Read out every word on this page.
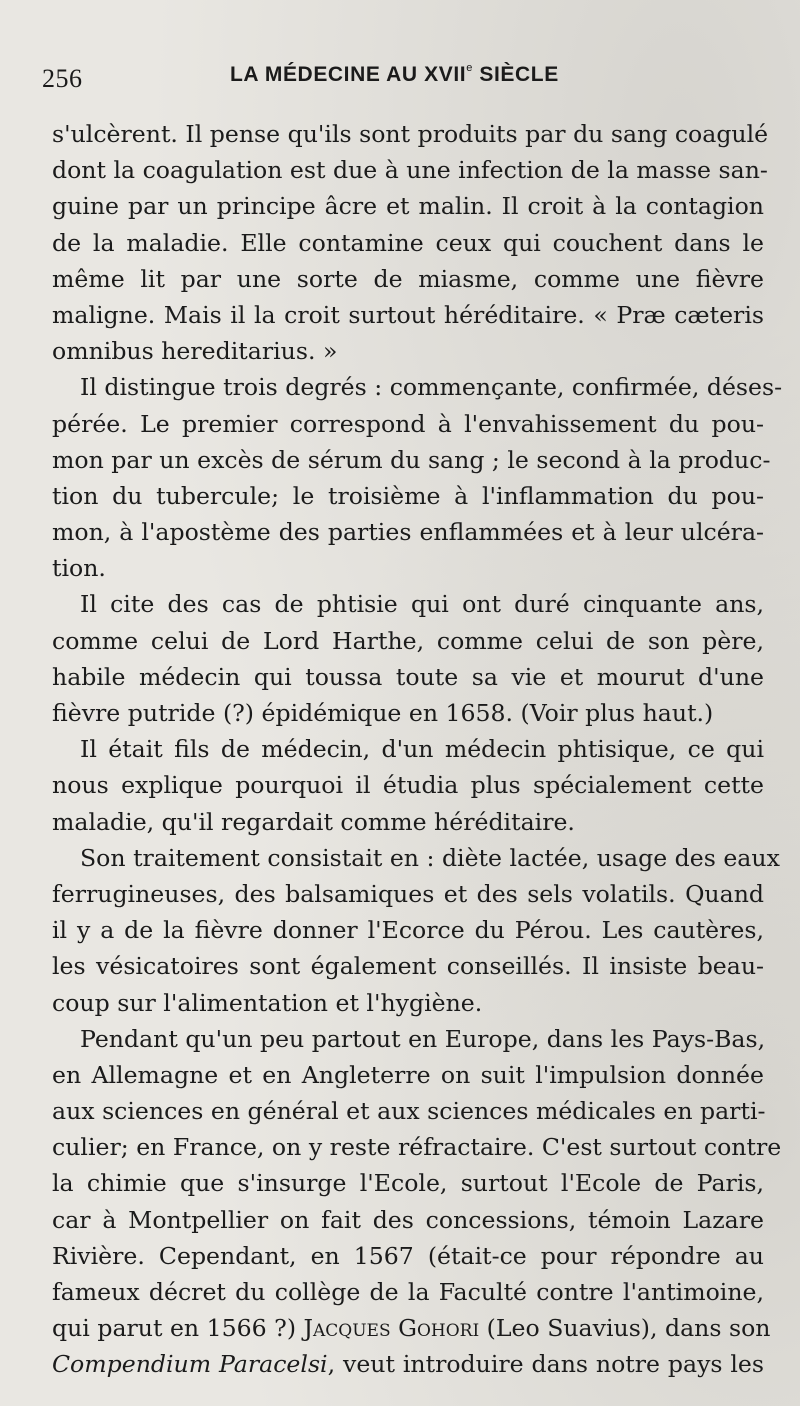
256	LA MÉDECINE AU XVIIe SIÈCLE
s'ulcèrent. Il pense qu'ils sont produits par du sang coagulé
dont la coagulation est due à une infection de la masse san-
guine par un principe âcre et malin. Il croit à la contagion
de la maladie. Elle contamine ceux qui couchent dans le
même lit par une sorte de miasme, comme une fièvre
maligne. Mais il la croit surtout héréditaire. « Præ cæteris
omnibus hereditarius. »
Il distingue trois degrés : commençante, confirmée, déses-
pérée. Le premier correspond à l'envahissement du pou-
mon par un excès de sérum du sang ; le second à la produc-
tion du tubercule; le troisième à l'inflammation du pou-
mon, à l'apostème des parties enflammées et à leur ulcéra-
tion.
Il cite des cas de phtisie qui ont duré cinquante ans,
comme celui de Lord Harthe, comme celui de son père,
habile médecin qui toussa toute sa vie et mourut d'une
fièvre putride (?) épidémique en 1658. (Voir plus haut.)
Il était fils de médecin, d'un médecin phtisique, ce qui
nous explique pourquoi il étudia plus spécialement cette
maladie, qu'il regardait comme héréditaire.
Son traitement consistait en : diète lactée, usage des eaux
ferrugineuses, des balsamiques et des sels volatils. Quand
il y a de la fièvre donner l'Ecorce du Pérou. Les cautères,
les vésicatoires sont également conseillés. Il insiste beau-
coup sur l'alimentation et l'hygiène.
Pendant qu'un peu partout en Europe, dans les Pays-Bas,
en Allemagne et en Angleterre on suit l'impulsion donnée
aux sciences en général et aux sciences médicales en parti-
culier; en France, on y reste réfractaire. C'est surtout contre
la chimie que s'insurge l'Ecole, surtout l'Ecole de Paris,
car à Montpellier on fait des concessions, témoin Lazare
Rivière. Cependant, en 1567 (était-ce pour répondre au
fameux décret du collège de la Faculté contre l'antimoine,
qui parut en 1566 ?) Jacques Gohori (Leo Suavius), dans son
Compendium Paracelsi, veut introduire dans notre pays les
